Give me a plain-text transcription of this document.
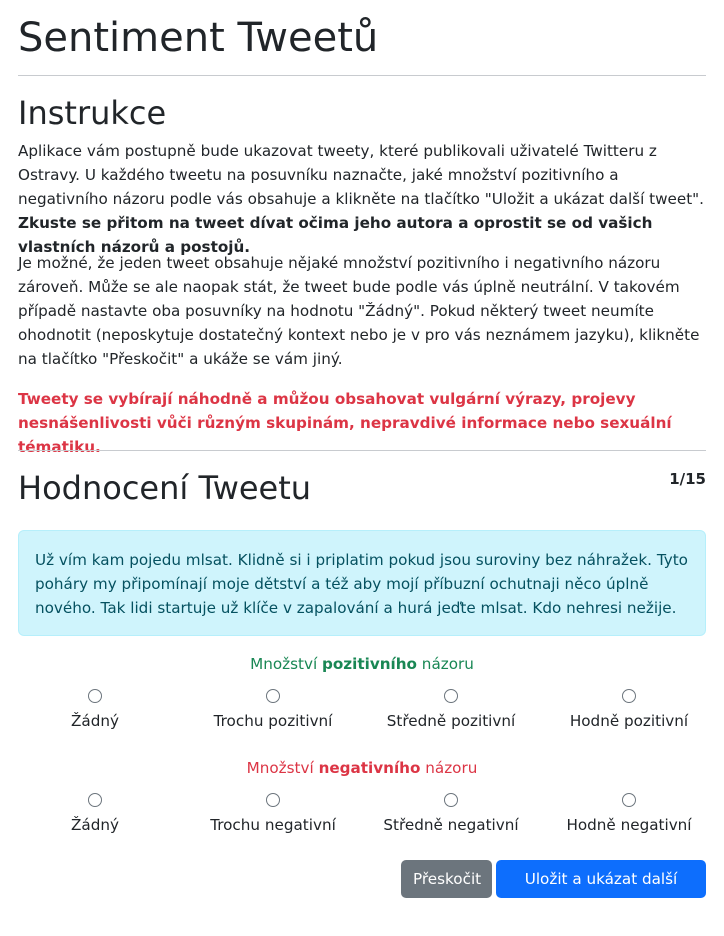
Sentiment Tweetů
Instrukce

Aplikace vám postupně bude ukazovat tweety, které publikovali uživatelé Twitteru z Ostravy. U každého tweetu na posuvníku naznačte, jaké množství pozitivního a negativního názoru podle vás obsahuje a klikněte na tlačítko "Uložit a ukázat další tweet". Zkuste se přitom na tweet dívat očima jeho autora a oprostit se od vašich vlastních názorů a postojů.

Je možné, že jeden tweet obsahuje nějaké množství pozitivního i negativního názoru zároveň. Může se ale naopak stát, že tweet bude podle vás úplně neutrální. V takovém případě nastavte oba posuvníky na hodnotu "Žádný". Pokud některý tweet neumíte ohodnotit (neposkytuje dostatečný kontext nebo je v pro vás neznámem jazyku), klikněte na tlačítko "Přeskočit" a ukáže se vám jiný.

Tweety se vybírají náhodně a můžou obsahovat vulgární výrazy, projevy nesnášenlivosti vůči různým skupinám, nepravdivé informace nebo sexuální tématiku.

Hodnocení Tweetu	1/15
Už vím kam pojedu mlsat. Klidně si i priplatim pokud jsou suroviny bez náhražek. Tyto poháry my připomínají moje dětství a též aby mojí příbuzní ochutnaji něco úplně nového. Tak lidi startuje už klíče v zapalování a hurá jeďte mlsat. Kdo nehresi nežije.
Množství pozitivního názoru
Žádný	Trochu pozitivní	Středně pozitivní	Hodně pozitivní
Množství negativního názoru
Žádný	Trochu negativní	Středně negativní	Hodně negativní
Přeskočit	Uložit a ukázat další tweet
